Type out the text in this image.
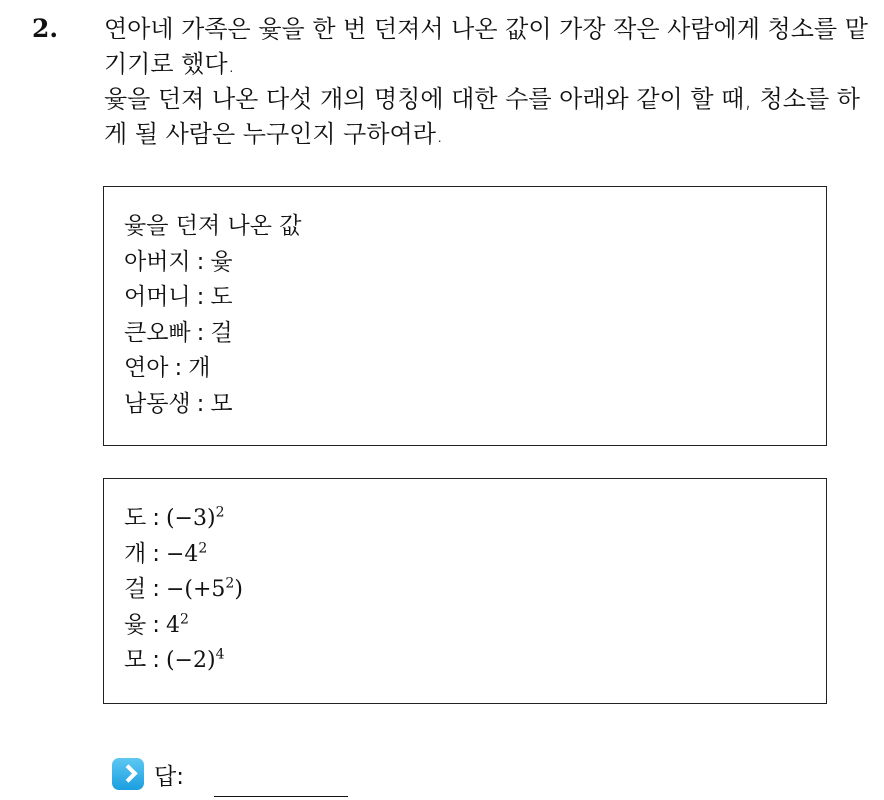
2. 연아네 가족은 윷을 한 번 던져서 나온 값이 가장 작은 사람에게 청소를 맡기기로 했다.

윷을 던져 나온 다섯 개의 명칭에 대한 수를 아래와 같이 할 때, 청소를 하게 될 사람은 누구인지 구하여라.

윷을 던져 나온 값
아버지 : 윷
어머니 : 도
큰오빠 : 걸
연아 : 개
남동생 : 모
도 : $(-3)^2$
개 : $-4^2$
걸 : $-(+5^2)$
윷 : $4^2$
모 : $(-2)^4$
답:
